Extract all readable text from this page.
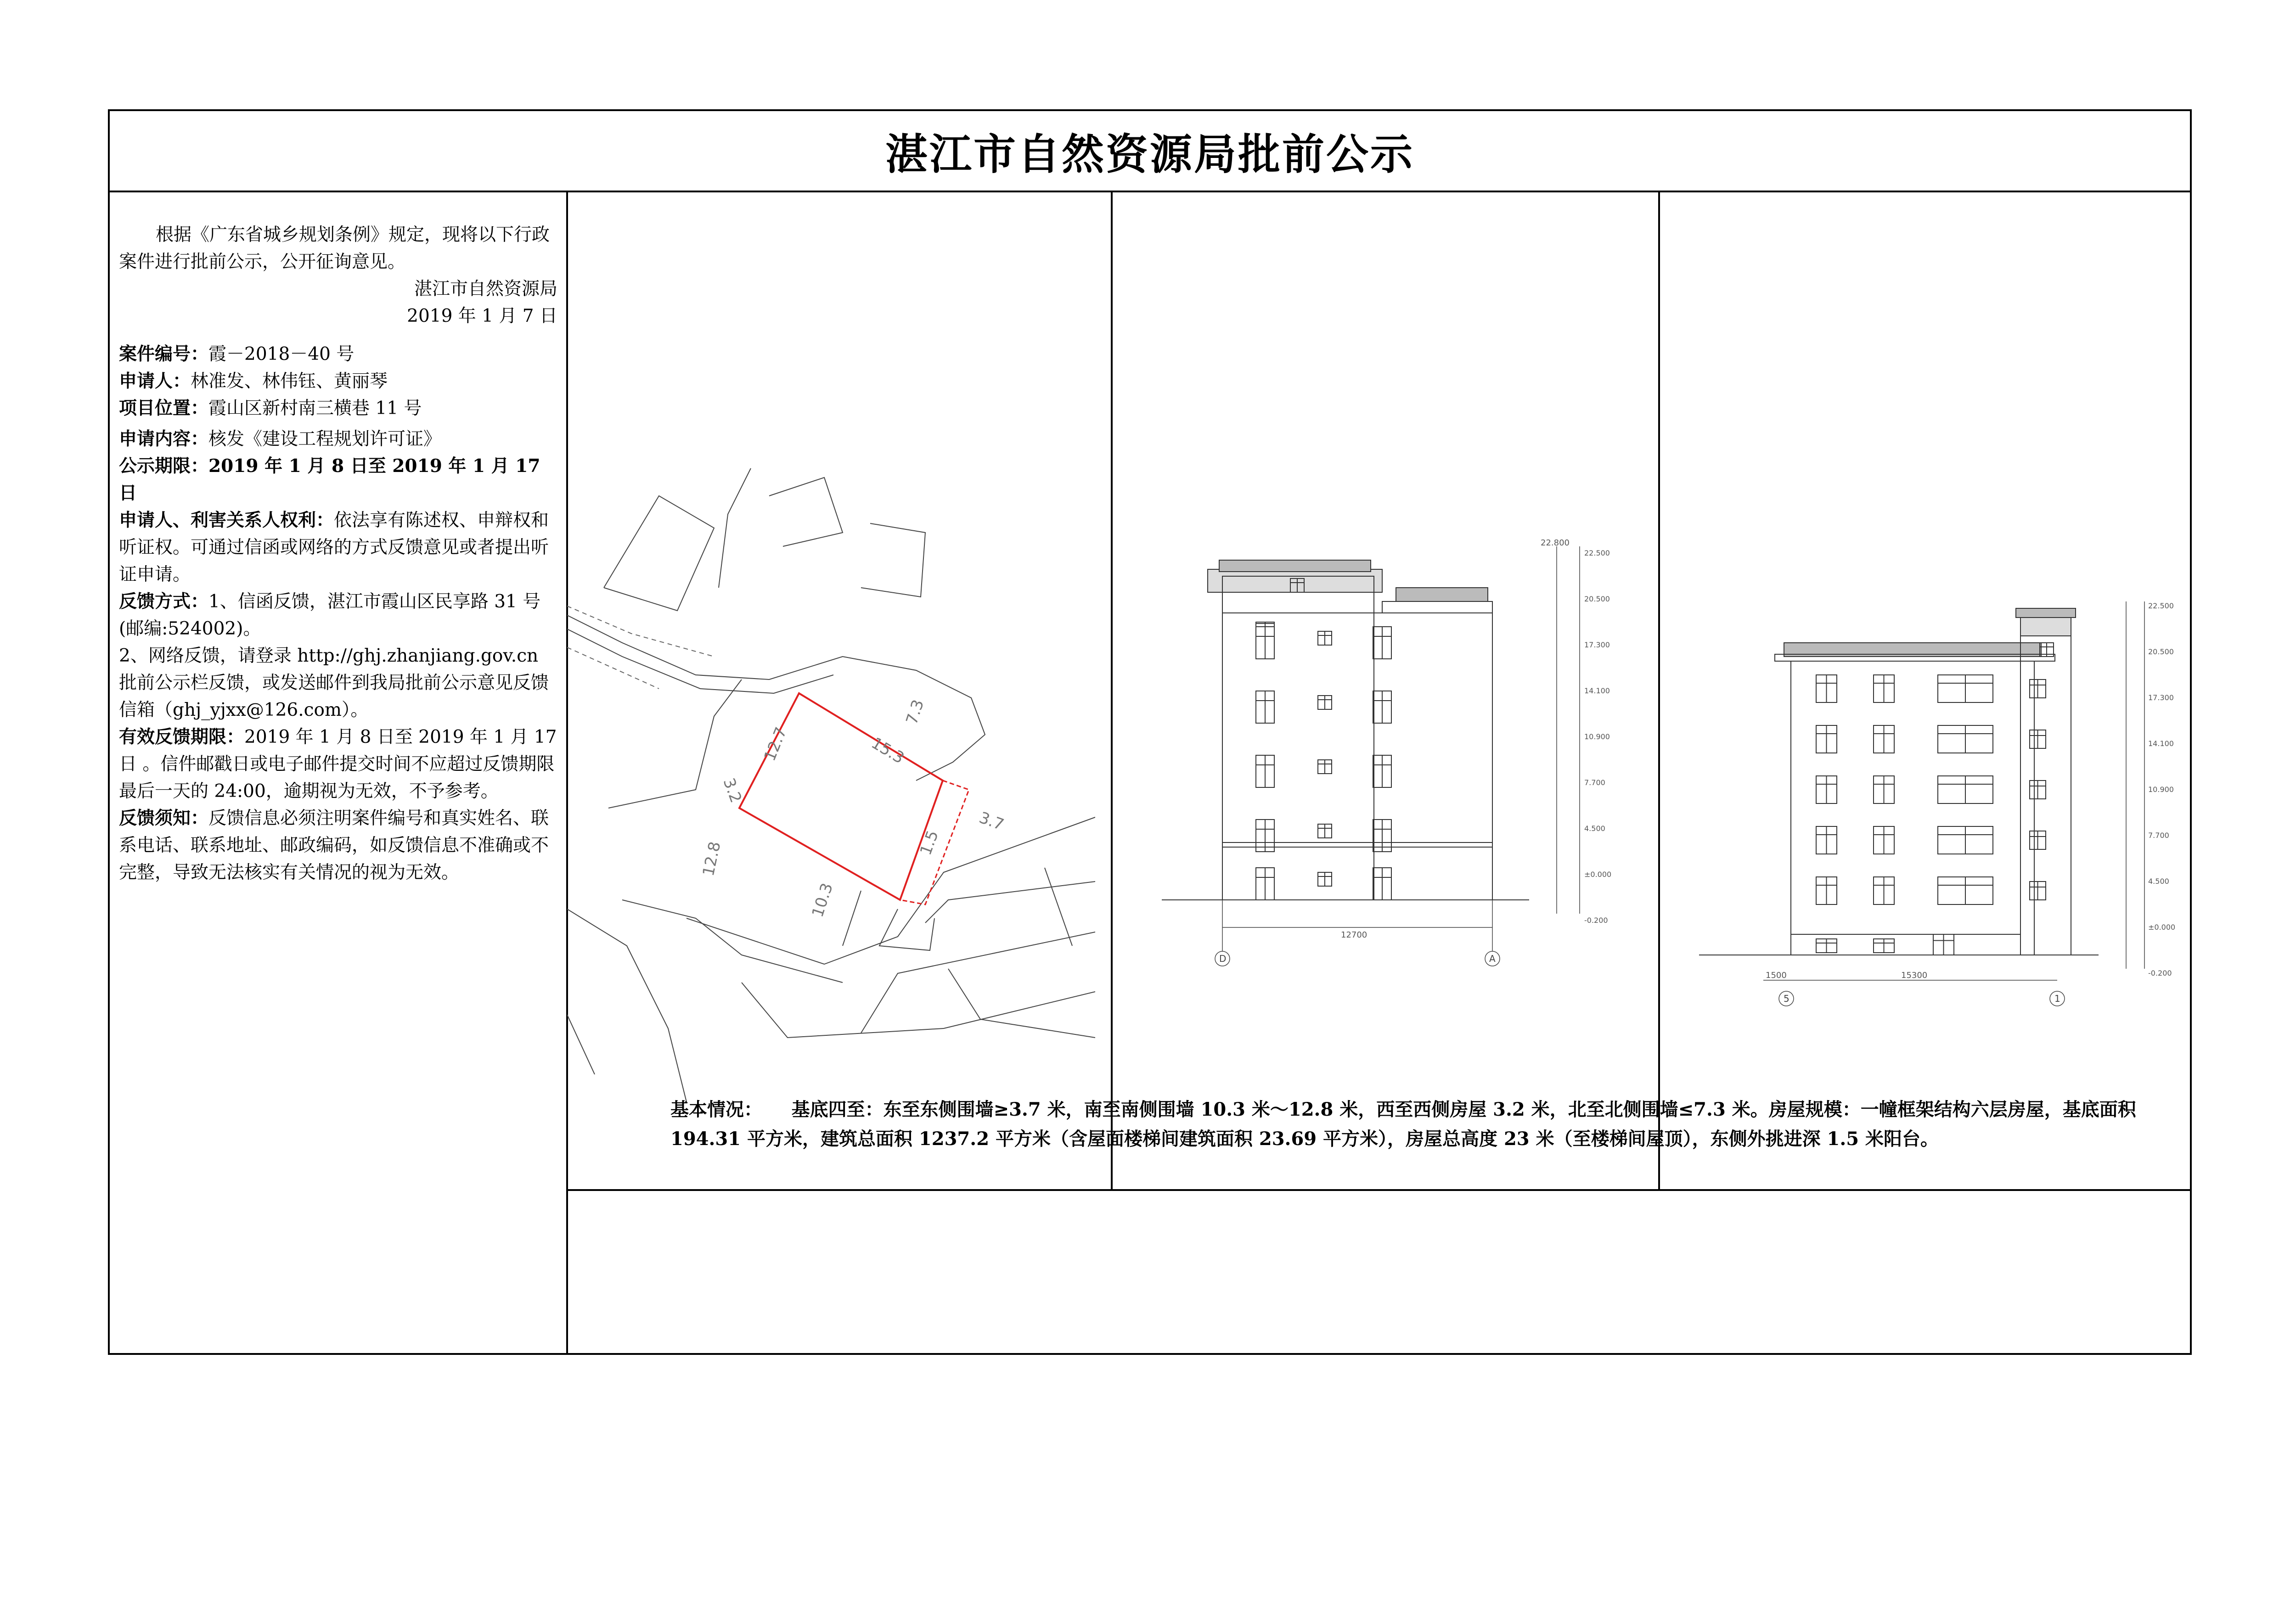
湛江市自然资源局批前公示

根据《广东省城乡规划条例》规定，现将以下行政案件进行批前公示，公开征询意见。

湛江市自然资源局

2019 年 1 月 7 日

案件编号：霞－2018－40 号

申请人：林准发、林伟钰、黄丽琴

项目位置：霞山区新村南三横巷 11 号

申请内容：核发《建设工程规划许可证》

公示期限：2019 年 1 月 8 日至 2019 年 1 月 17 日

申请人、利害关系人权利：依法享有陈述权、申辩权和听证权。可通过信函或网络的方式反馈意见或者提出听证申请。

反馈方式：1、信函反馈，湛江市霞山区民享路 31 号(邮编:524002)。

2、网络反馈，请登录 http://ghj.zhanjiang.gov.cn 批前公示栏反馈，或发送邮件到我局批前公示意见反馈信箱（ghj_yjxx@126.com）。

有效反馈期限：2019 年 1 月 8 日至 2019 年 1 月 17 日 。信件邮戳日或电子邮件提交时间不应超过反馈期限最后一天的 24:00，逾期视为无效，不予参考。

反馈须知：反馈信息必须注明案件编号和真实姓名、联系电话、联系地址、邮政编码，如反馈信息不准确或不完整，导致无法核实有关情况的视为无效。

15.3
12.7
7.3
3.2
3.7
1.5
12.8
10.3
22.500
20.500
17.300
14.100
10.900
7.700
4.500
±0.000
-0.200
22.800
12700
D	A
22.500
20.500
17.300
14.100
10.900
7.700
4.500
±0.000
-0.200
1500	15300
5	1
基本情况： 基底四至：东至东侧围墙≥3.7 米，南至南侧围墙 10.3 米～12.8 米，西至西侧房屋 3.2 米，北至北侧围墙≤7.3 米。房屋规模：一幢框架结构六层房屋，基底面积 194.31 平方米，建筑总面积 1237.2 平方米（含屋面楼梯间建筑面积 23.69 平方米），房屋总高度 23 米（至楼梯间屋顶），东侧外挑进深 1.5 米阳台。
